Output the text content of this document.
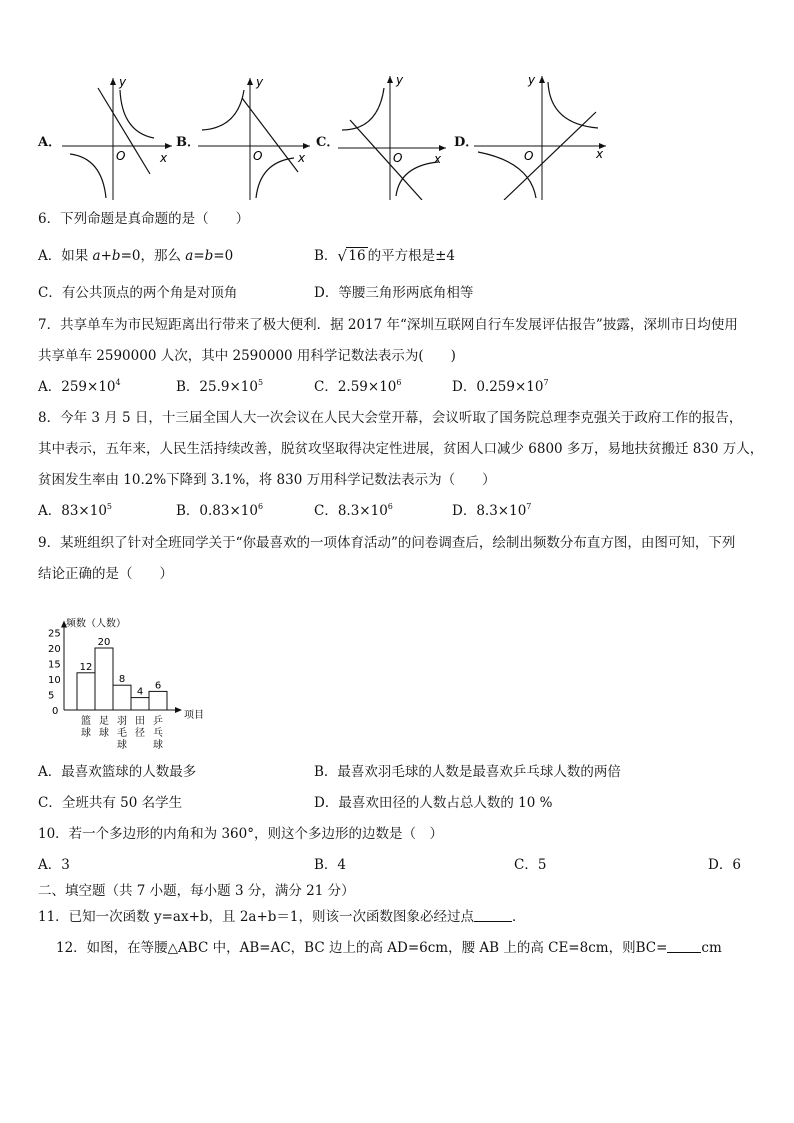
A．
y
x
O
B．
y
x
O
C．
y
x
O
D．
y
x
O
6．下列命题是真命题的是（　　）
A．如果 a+b=0，那么 a=b=0	B． √ 16 的平方根是±4
C．有公共顶点的两个角是对顶角	D．等腰三角形两底角相等
7．共享单车为市民短距离出行带来了极大便利．据 2017 年“深圳互联网自行车发展评估报告”披露，深圳市日均使用
共享单车 2590000 人次，其中 2590000 用科学记数法表示为(　　)
A．$259\times 10^4$	B．$25.9\times 10^5$	C．$2.59\times 10^6$	D．$0.259\times 10^7$
8．今年 3 月 5 日，十三届全国人大一次会议在人民大会堂开幕，会议听取了国务院总理李克强关于政府工作的报告，
其中表示，五年来，人民生活持续改善，脱贫攻坚取得决定性进展，贫困人口减少 6800 多万，易地扶贫搬迁 830 万人，
贫困发生率由 10.2%下降到 3.1%，将 830 万用科学记数法表示为（　　）
A．$83\times 10^5$	B．$0.83\times 10^6$	C．$8.3\times 10^6$	D．$8.3\times 10^7$
9．某班组织了针对全班同学关于“你最喜欢的一项体育活动”的问卷调查后，绘制出频数分布直方图，由图可知，下列
结论正确的是（　　）
频数（人数）
项目
0
5
10
15
20
25
12
篮
球
20
足
球
8
羽
毛
球
4
田
径
6
乒
乓
球
A．最喜欢篮球的人数最多	B．最喜欢羽毛球的人数是最喜欢乒乓球人数的两倍
C．全班共有 50 名学生	D．最喜欢田径的人数占总人数的 10 %
10．若一个多边形的内角和为 360°，则这个多边形的边数是（　）
A．3	B．4	C．5	D．6
二、填空题（共 7 小题，每小题 3 分，满分 21 分）
11．已知一次函数 y=ax+b，且 2a+b＝1，则该一次函数图象必经过点	．
12．如图，在等腰△ABC 中，AB=AC，BC 边上的高 AD=6cm，腰 AB 上的高 CE=8cm，则BC=	cm
